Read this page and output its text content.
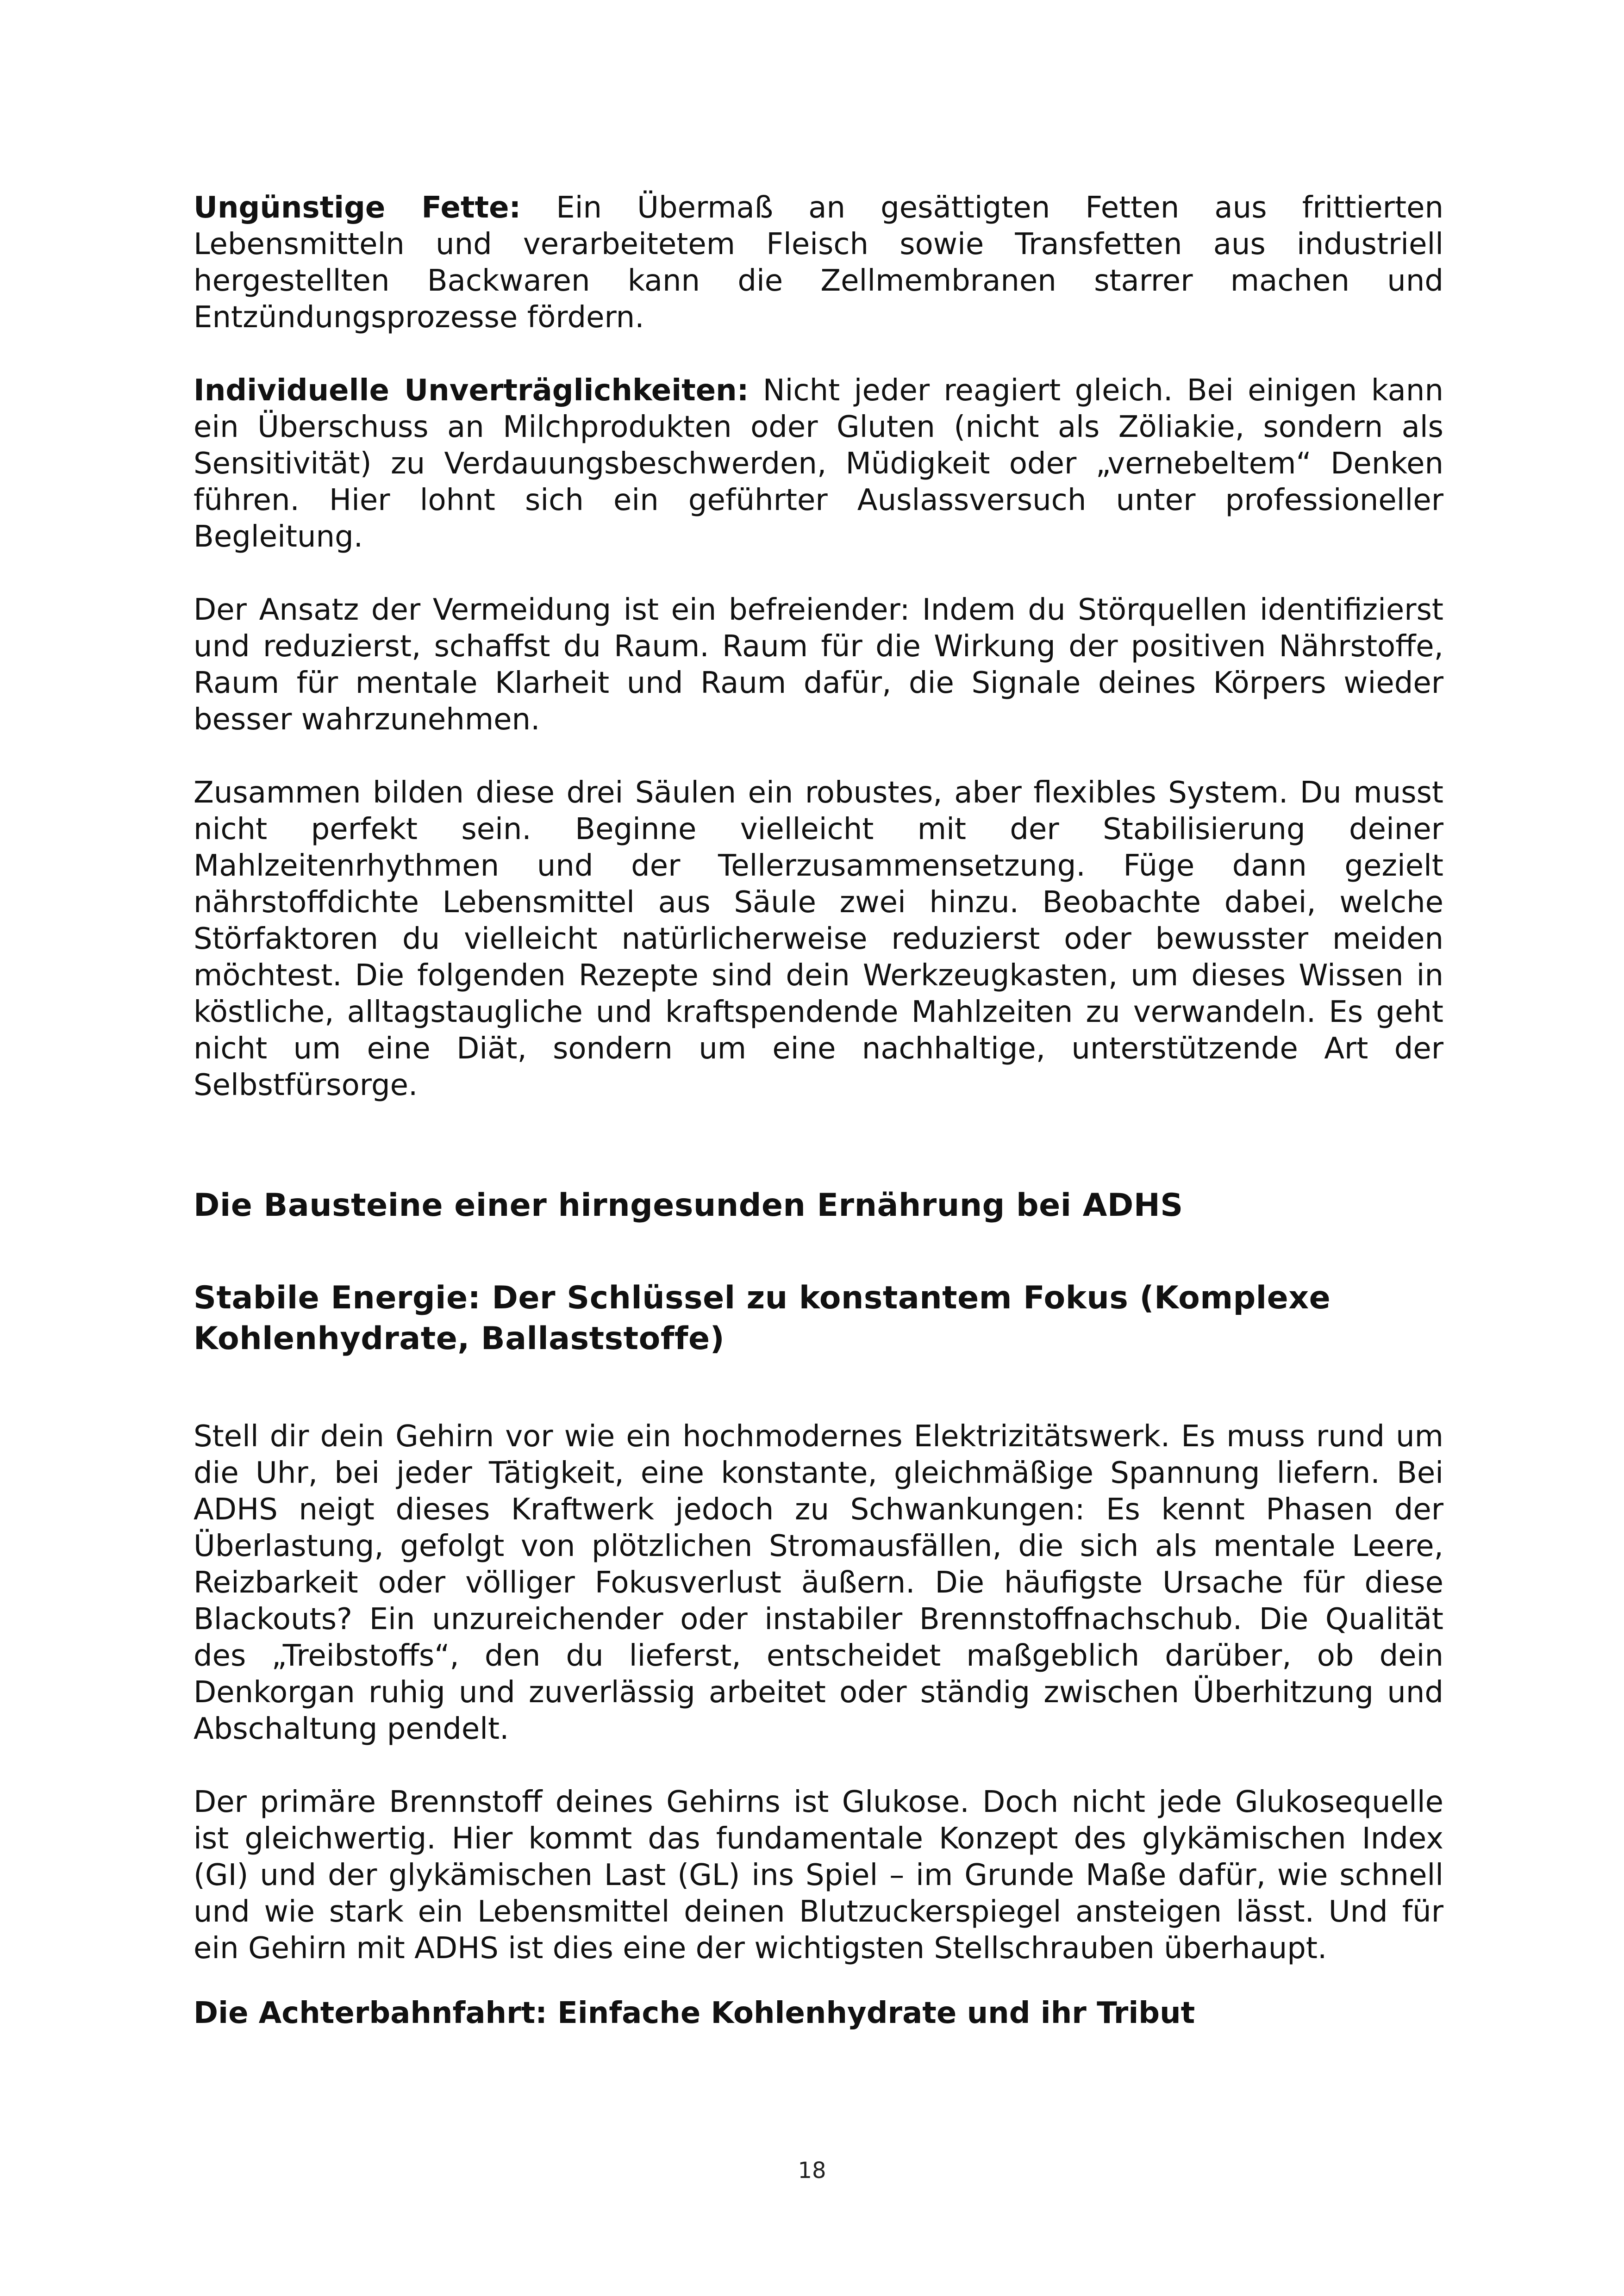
Ungünstige Fette: Ein Übermaß an gesättigten Fetten aus frittierten Lebensmitteln und verarbeitetem Fleisch sowie Transfetten aus industriell hergestellten Backwaren kann die Zellmembranen starrer machen und Entzündungsprozesse fördern.

Individuelle Unverträglichkeiten: Nicht jeder reagiert gleich. Bei einigen kann ein Überschuss an Milchprodukten oder Gluten (nicht als Zöliakie, sondern als Sensitivität) zu Verdauungsbeschwerden, Müdigkeit oder „vernebeltem“ Denken führen. Hier lohnt sich ein geführter Auslassversuch unter professioneller Begleitung.

Der Ansatz der Vermeidung ist ein befreiender: Indem du Störquellen identifizierst und reduzierst, schaffst du Raum. Raum für die Wirkung der positiven Nährstoffe, Raum für mentale Klarheit und Raum dafür, die Signale deines Körpers wieder besser wahrzunehmen.

Zusammen bilden diese drei Säulen ein robustes, aber flexibles System. Du musst nicht perfekt sein. Beginne vielleicht mit der Stabilisierung deiner Mahlzeitenrhythmen und der Tellerzusammensetzung. Füge dann gezielt nährstoffdichte Lebensmittel aus Säule zwei hinzu. Beobachte dabei, welche Störfaktoren du vielleicht natürlicherweise reduzierst oder bewusster meiden möchtest. Die folgenden Rezepte sind dein Werkzeugkasten, um dieses Wissen in köstliche, alltagstaugliche und kraftspendende Mahlzeiten zu verwandeln. Es geht nicht um eine Diät, sondern um eine nachhaltige, unterstützende Art der Selbstfürsorge.

Die Bausteine einer hirngesunden Ernährung bei ADHS
Stabile Energie: Der Schlüssel zu konstantem Fokus (Komplexe Kohlenhydrate, Ballaststoffe)

Stell dir dein Gehirn vor wie ein hochmodernes Elektrizitätswerk. Es muss rund um die Uhr, bei jeder Tätigkeit, eine konstante, gleichmäßige Spannung liefern. Bei ADHS neigt dieses Kraftwerk jedoch zu Schwankungen: Es kennt Phasen der Überlastung, gefolgt von plötzlichen Stromausfällen, die sich als mentale Leere, Reizbarkeit oder völliger Fokusverlust äußern. Die häufigste Ursache für diese Blackouts? Ein unzureichender oder instabiler Brennstoffnachschub. Die Qualität des „Treibstoffs“, den du lieferst, entscheidet maßgeblich darüber, ob dein Denkorgan ruhig und zuverlässig arbeitet oder ständig zwischen Überhitzung und Abschaltung pendelt.

Der primäre Brennstoff deines Gehirns ist Glukose. Doch nicht jede Glukosequelle ist gleichwertig. Hier kommt das fundamentale Konzept des glykämischen Index (GI) und der glykämischen Last (GL) ins Spiel – im Grunde Maße dafür, wie schnell und wie stark ein Lebensmittel deinen Blutzuckerspiegel ansteigen lässt. Und für ein Gehirn mit ADHS ist dies eine der wichtigsten Stellschrauben überhaupt.

Die Achterbahnfahrt: Einfache Kohlenhydrate und ihr Tribut
18
